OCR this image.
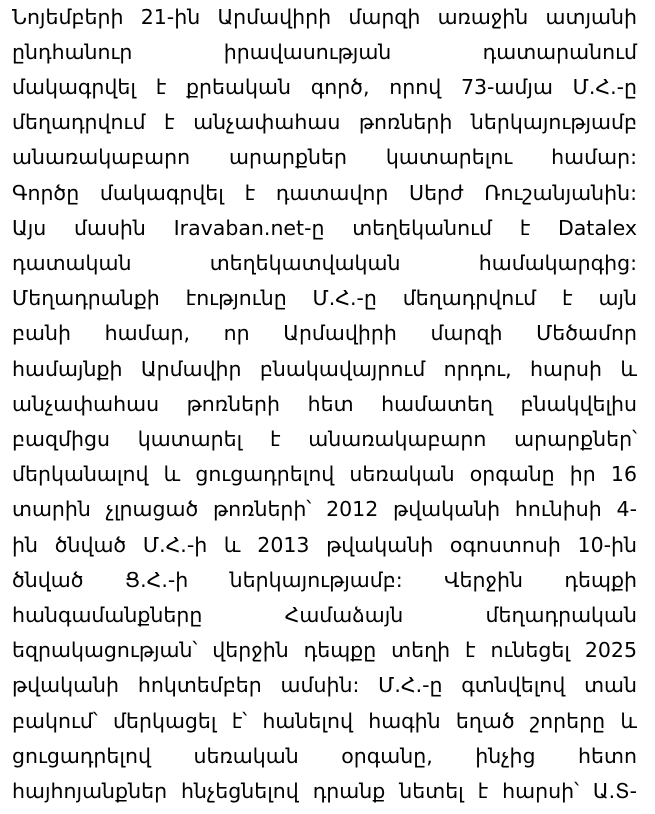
Նոյեմբերի 21-ին Արմավիրի մարզի առաջին ատյանի
ընդհանուր իրավասության դատարանում
մակագրվել է քրեական գործ, որով 73-ամյա Մ.Հ.-ը
մեղադրվում է անչափահաս թոռների ներկայությամբ
անառակաբարո արարքներ կատարելու համար:
Գործը մակագրվել է դատավոր Սերժ Ռուշանյանին:
Այս մասին Iravaban.net-ը տեղեկանում է Datalex
դատական տեղեկատվական համակարգից:
Մեղադրանքի էությունը Մ.Հ.-ը մեղադրվում է այն
բանի համար, որ Արմավիրի մարզի Մեծամոր
համայնքի Արմավիր բնակավայրում որդու, հարսի և
անչափահաս թոռների հետ համատեղ բնակվելիս
բազմիցս կատարել է անառակաբարո արարքներ՝
մերկանալով և ցուցադրելով սեռական օրգանը իր 16
տարին չլրացած թոռների՝ 2012 թվականի հունիսի 4-
ին ծնված Մ.Հ.-ի և 2013 թվականի օգոստոսի 10-ին
ծնված Ց.Հ.-ի ներկայությամբ: Վերջին դեպքի
հանգամանքները Համաձայն մեղադրական
եզրակացության՝ վերջին դեպքը տեղի է ունեցել 2025
թվականի հոկտեմբեր ամսին: Մ.Հ.-ը գտնվելով տան
բակում՝ մերկացել է՝ հանելով հագին եղած շորերը և
ցուցադրելով սեռական օրգանը, ինչից հետո
հայհոյանքներ հնչեցնելով դրանք նետել է հարսի՝ Ա.Տ-
